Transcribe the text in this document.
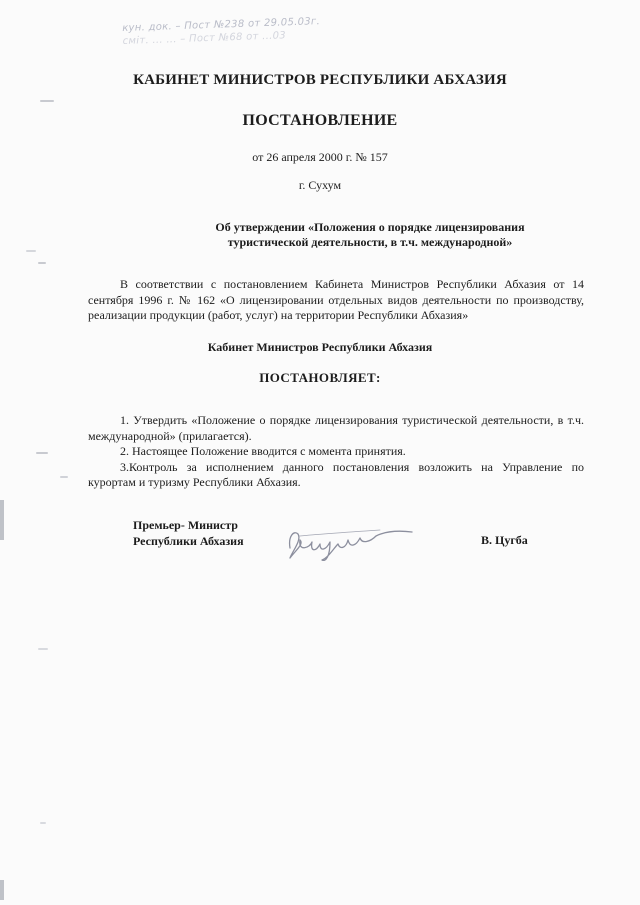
кун. док. – Пост №238 от 29.05.03г.
сміт. ... ... – Пост №68 от ...03
КАБИНЕТ МИНИСТРОВ РЕСПУБЛИКИ АБХАЗИЯ
ПОСТАНОВЛЕНИЕ
от 26 апреля 2000 г. № 157
г. Сухум
Об утверждении «Положения о порядке лицензирования
туристической деятельности, в т.ч. международной»
В соответствии с постановлением Кабинета Министров Республики Абхазия от 14 сентября 1996 г. № 162 «О лицензировании отдельных видов деятельности по производству, реализации продукции (работ, услуг) на территории Республики Абхазия»
Кабинет Министров Республики Абхазия
ПОСТАНОВЛЯЕТ:

1. Утвердить «Положение о порядке лицензирования туристической деятельности, в т.ч. международной» (прилагается).

2. Настоящее Положение вводится с момента принятия.

3.Контроль за исполнением данного постановления возложить на Управление по курортам и туризму Республики Абхазия.

Премьер- Министр
Республики Абхазия	В. Цугба
